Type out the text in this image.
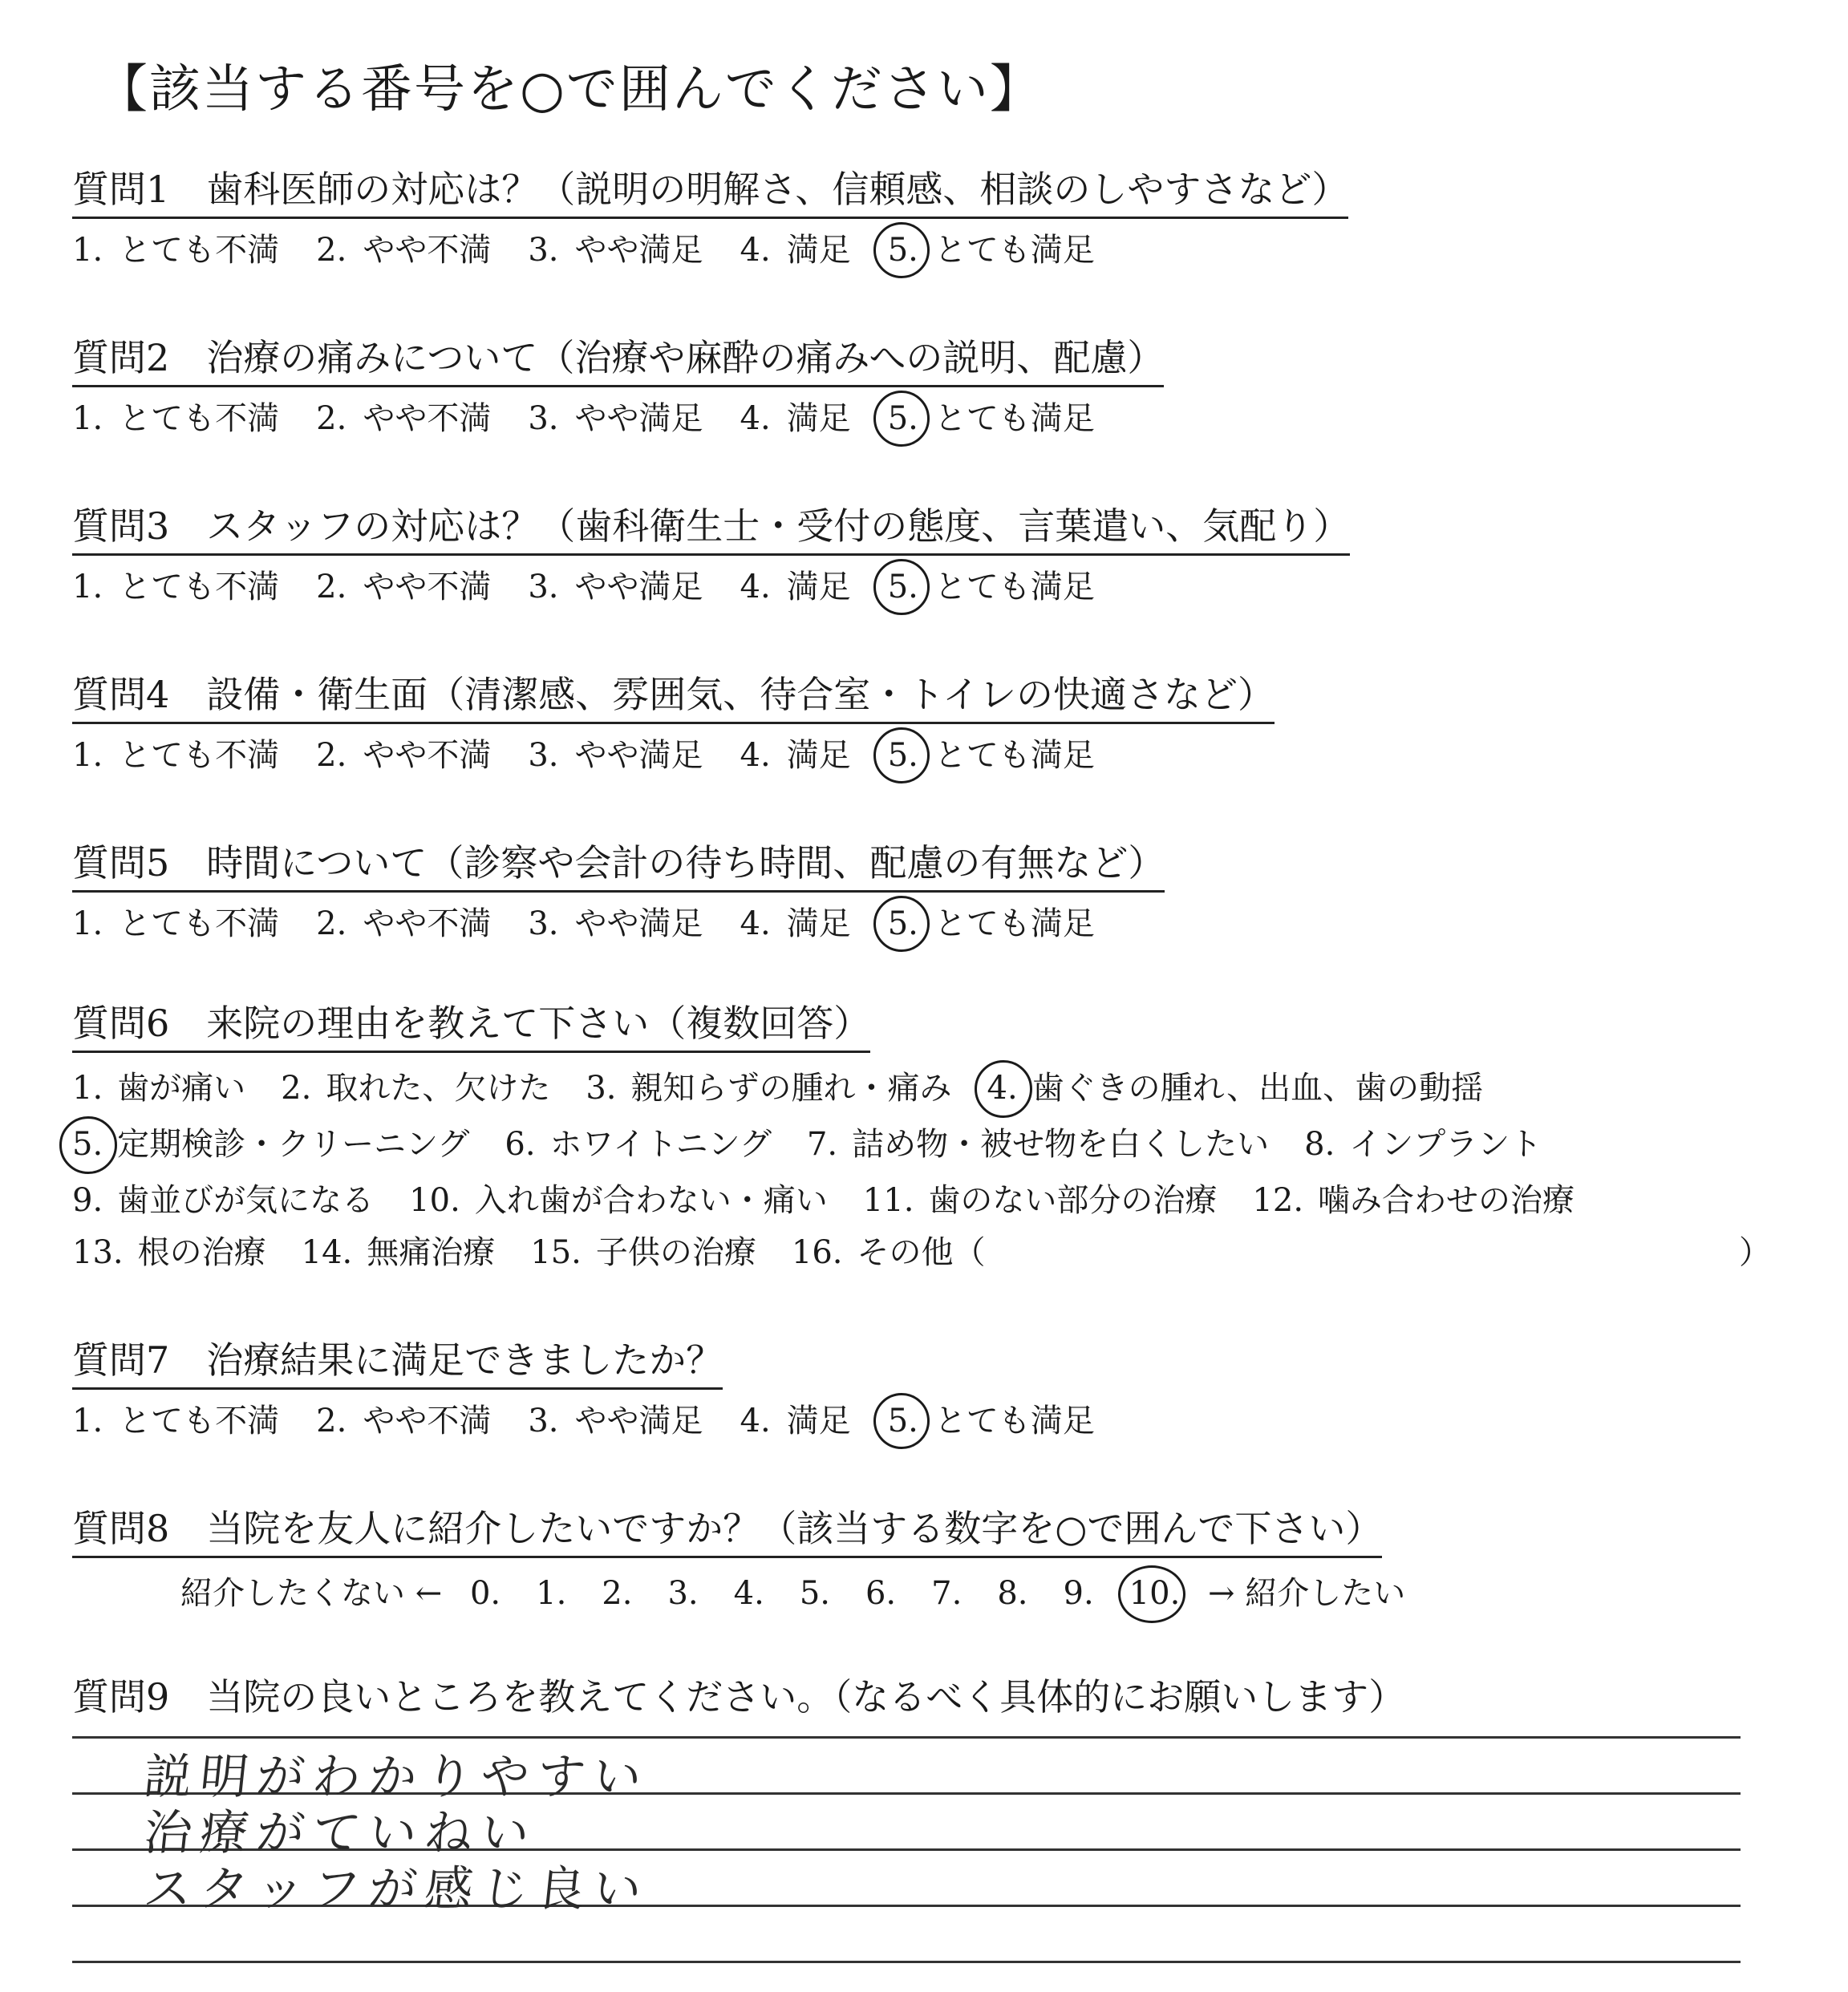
【該当する番号を○で囲んでください】
質問1　歯科医師の対応は？（説明の明解さ、信頼感、相談のしやすさなど）
1. とても不満 2. やや不満 3. やや満足 4. 満足 5. とても満足
質問2　治療の痛みについて（治療や麻酔の痛みへの説明、配慮）
1. とても不満 2. やや不満 3. やや満足 4. 満足 5. とても満足
質問3　スタッフの対応は？（歯科衛生士・受付の態度、言葉遣い、気配り）
1. とても不満 2. やや不満 3. やや満足 4. 満足 5. とても満足
質問4　設備・衛生面（清潔感、雰囲気、待合室・トイレの快適さなど）
1. とても不満 2. やや不満 3. やや満足 4. 満足 5. とても満足
質問5　時間について（診察や会計の待ち時間、配慮の有無など）
1. とても不満 2. やや不満 3. やや満足 4. 満足 5. とても満足
質問7　治療結果に満足できましたか？
1. とても不満 2. やや不満 3. やや満足 4. 満足 5. とても満足
質問6　来院の理由を教えて下さい（複数回答）
1. 歯が痛い 2. 取れた、欠けた 3. 親知らずの腫れ・痛み 4. 歯ぐきの腫れ、出血、歯の動揺
5. 定期検診・クリーニング 6. ホワイトニング 7. 詰め物・被せ物を白くしたい 8. インプラント
9. 歯並びが気になる 10. 入れ歯が合わない・痛い 11. 歯のない部分の治療 12. 噛み合わせの治療
13. 根の治療 14. 無痛治療 15. 子供の治療 16. その他（	）
質問8　当院を友人に紹介したいですか？（該当する数字を○で囲んで下さい）
紹介したくない ← 0. 1. 2. 3. 4. 5. 6. 7. 8. 9. 10. → 紹介したい
質問9　当院の良いところを教えてください。（なるべく具体的にお願いします）
説明がわかりやすい
治療がていねい
スタッフが感じ良い
